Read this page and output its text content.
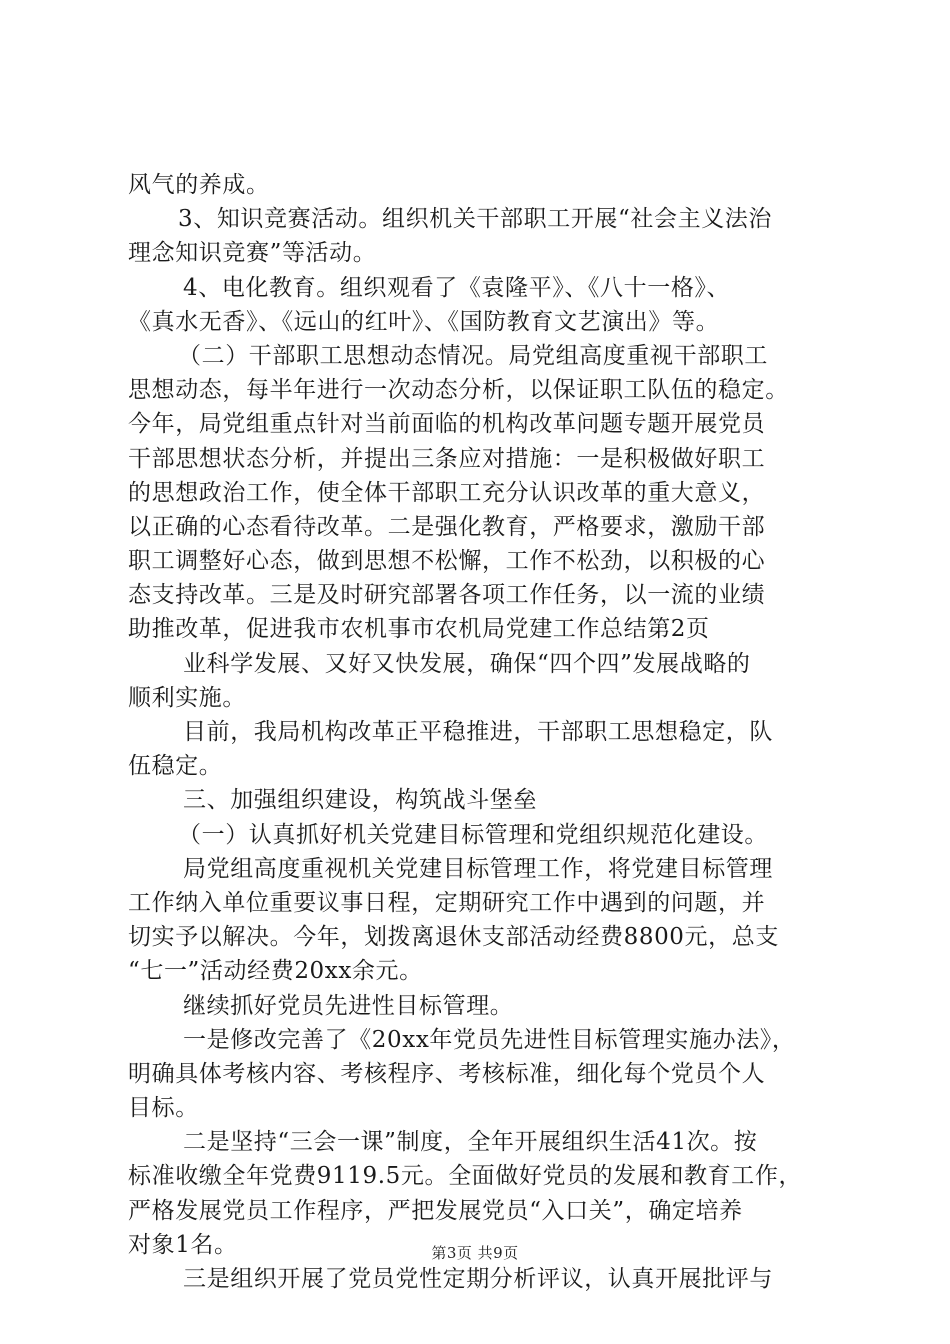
风气的养成。
3、知识竞赛活动。组织机关干部职工开展“社会主义法治
理念知识竞赛”等活动。
4、电化教育。组织观看了《袁隆平》、《八十一格》、
《真水无香》、《远山的红叶》、《国防教育文艺演出》等。
（二）干部职工思想动态情况。局党组高度重视干部职工
思想动态，每半年进行一次动态分析，以保证职工队伍的稳定。
今年，局党组重点针对当前面临的机构改革问题专题开展党员
干部思想状态分析，并提出三条应对措施：一是积极做好职工
的思想政治工作，使全体干部职工充分认识改革的重大意义，
以正确的心态看待改革。二是强化教育，严格要求，激励干部
职工调整好心态，做到思想不松懈，工作不松劲，以积极的心
态支持改革。三是及时研究部署各项工作任务，以一流的业绩
助推改革，促进我市农机事市农机局党建工作总结第2页
业科学发展、又好又快发展，确保“四个四”发展战略的
顺利实施。
目前，我局机构改革正平稳推进，干部职工思想稳定，队
伍稳定。
三、加强组织建设，构筑战斗堡垒
（一）认真抓好机关党建目标管理和党组织规范化建设。
局党组高度重视机关党建目标管理工作，将党建目标管理
工作纳入单位重要议事日程，定期研究工作中遇到的问题，并
切实予以解决。今年，划拨离退休支部活动经费8800元，总支
“七一”活动经费20xx余元。
继续抓好党员先进性目标管理。
一是修改完善了《20xx年党员先进性目标管理实施办法》，
明确具体考核内容、考核程序、考核标准，细化每个党员个人
目标。
二是坚持“三会一课”制度，全年开展组织生活41次。按
标准收缴全年党费9119.5元。全面做好党员的发展和教育工作，
严格发展党员工作程序，严把发展党员“入口关”，确定培养
对象1名。
三是组织开展了党员党性定期分析评议，认真开展批评与
第3页 共9页
